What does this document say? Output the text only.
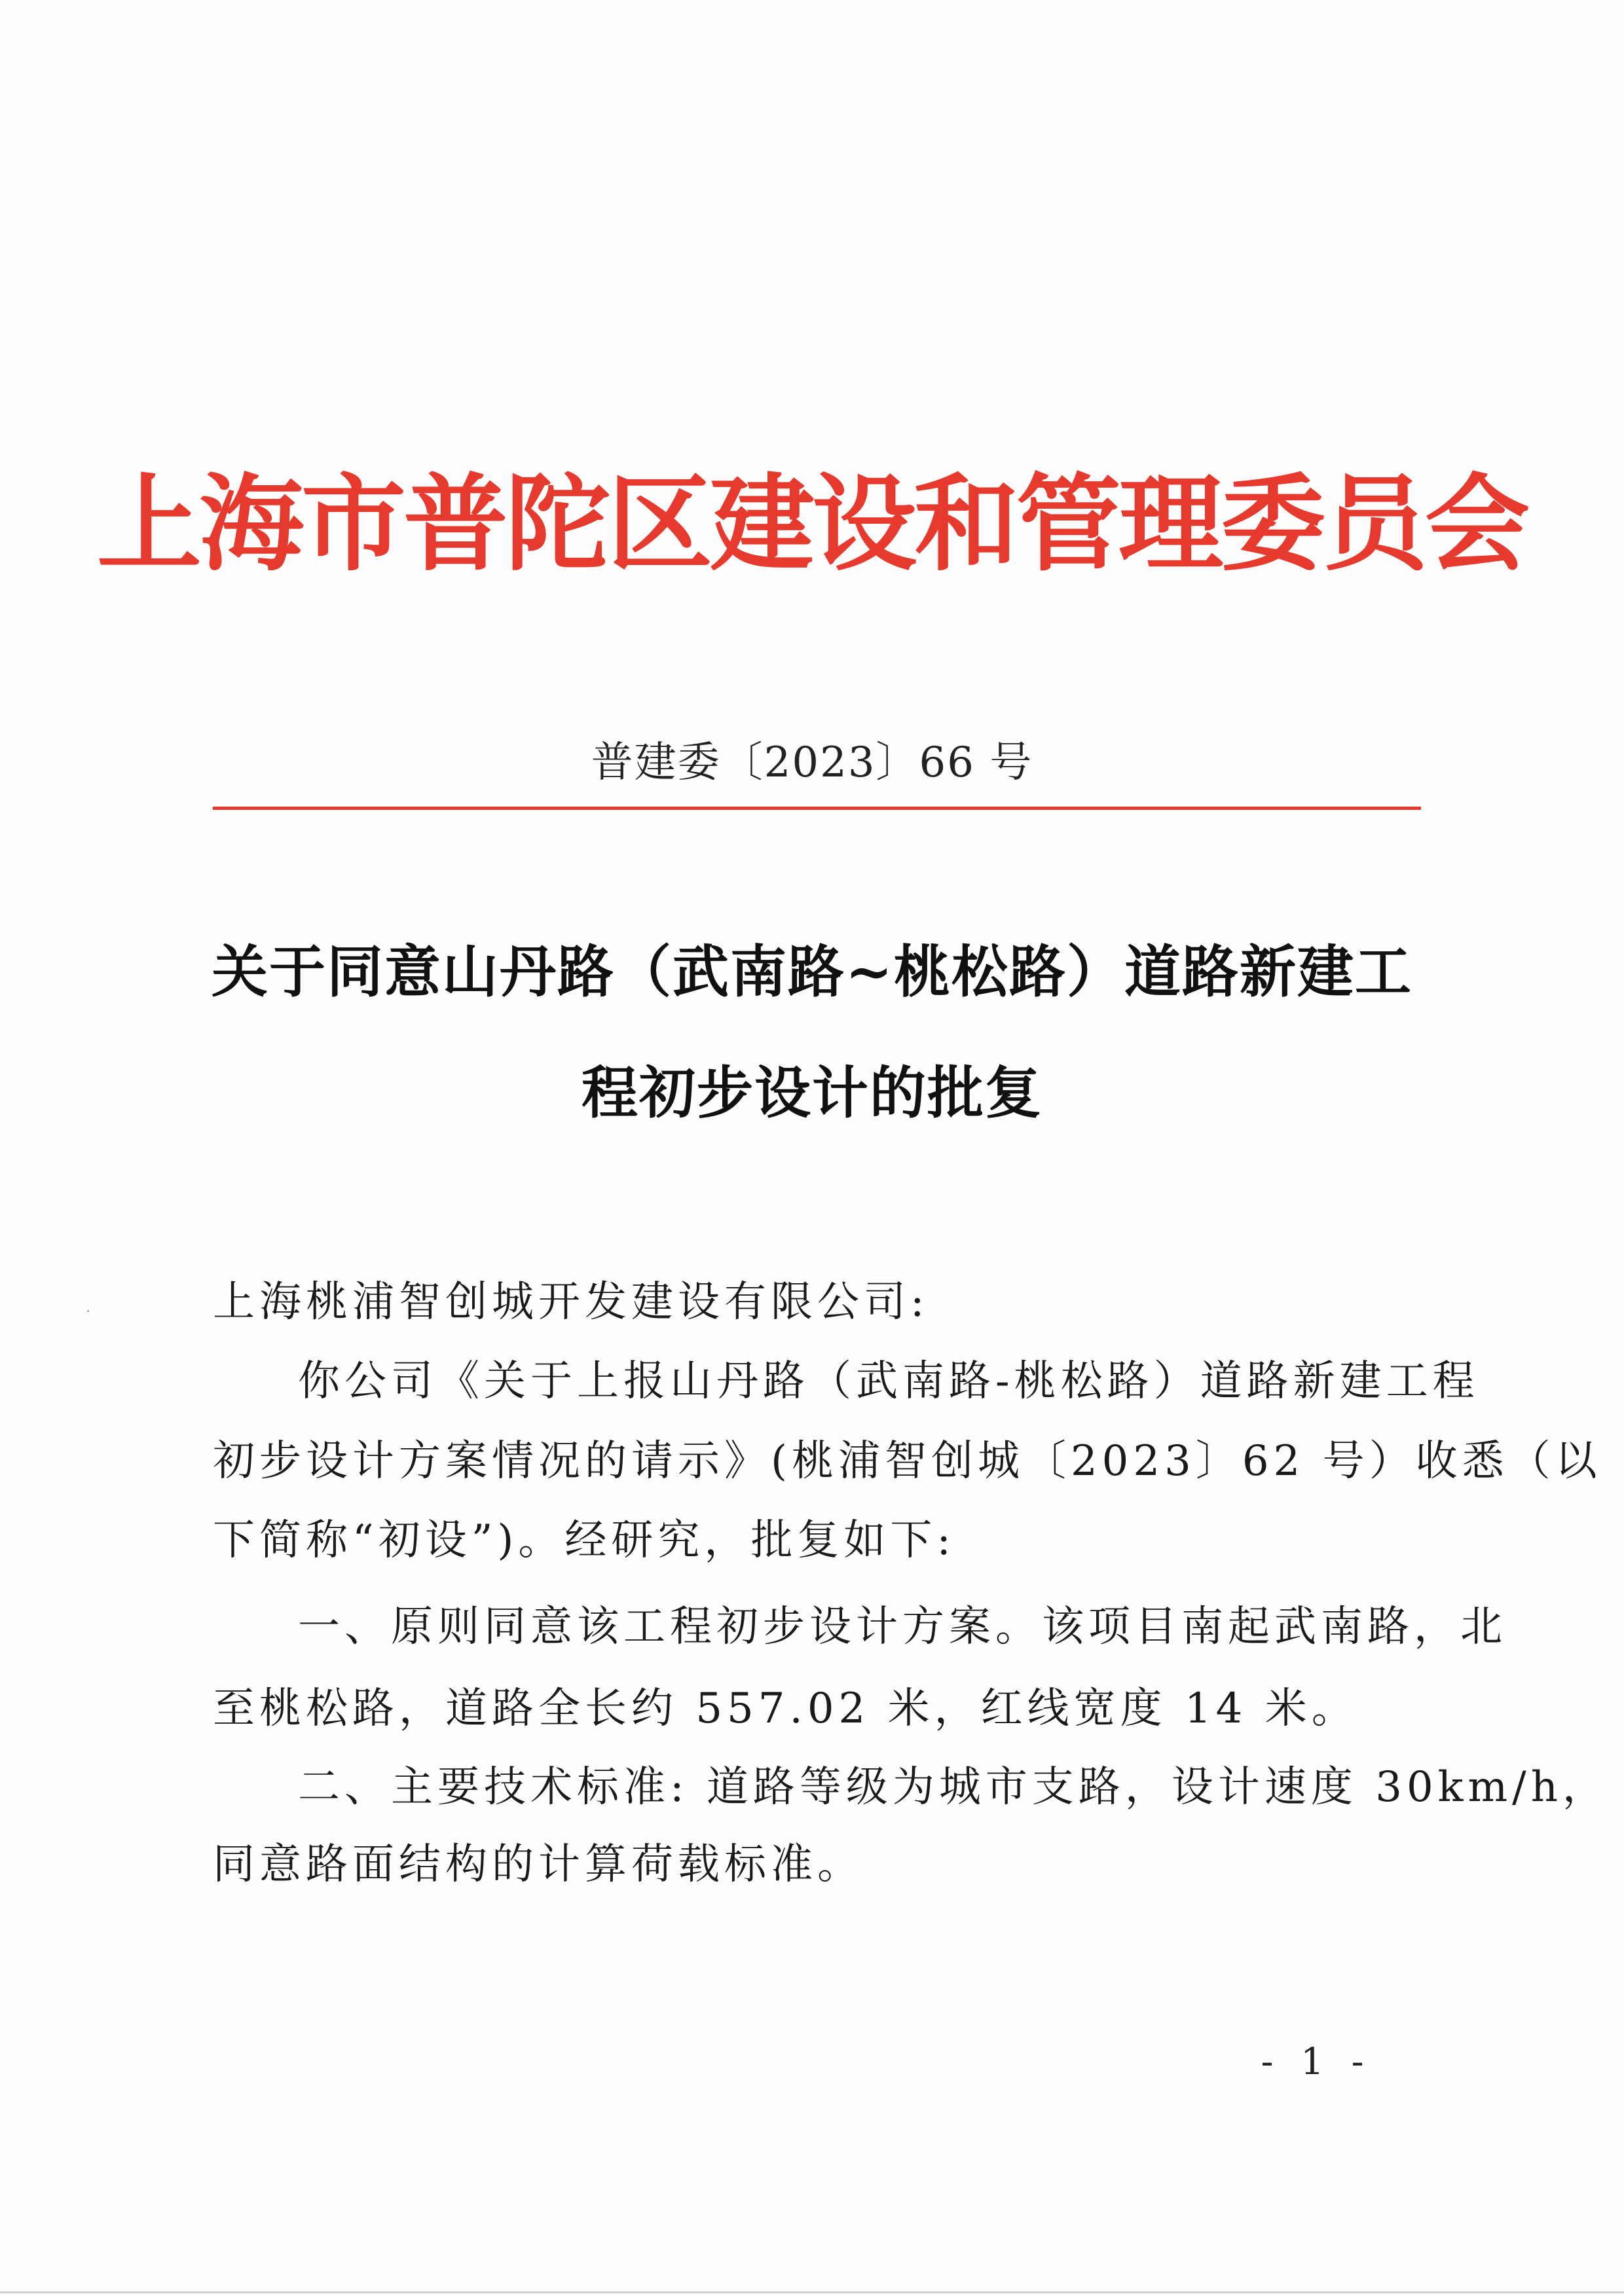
上海市普陀区建设和管理委员会
普建委〔2023〕66 号
关于同意山丹路（武南路~桃松路）道路新建工
程初步设计的批复
上海桃浦智创城开发建设有限公司:
你公司《关于上报山丹路（武南路-桃松路）道路新建工程
初步设计方案情况的请示》(桃浦智创城〔2023〕62 号）收悉（以
下简称“初设”)。经研究，批复如下:
一、原则同意该工程初步设计方案。该项目南起武南路，北
至桃松路，道路全长约 557.02 米，红线宽度 14 米。
二、主要技术标准: 道路等级为城市支路，设计速度 30km/h，
同意路面结构的计算荷载标准。
- 1 -
